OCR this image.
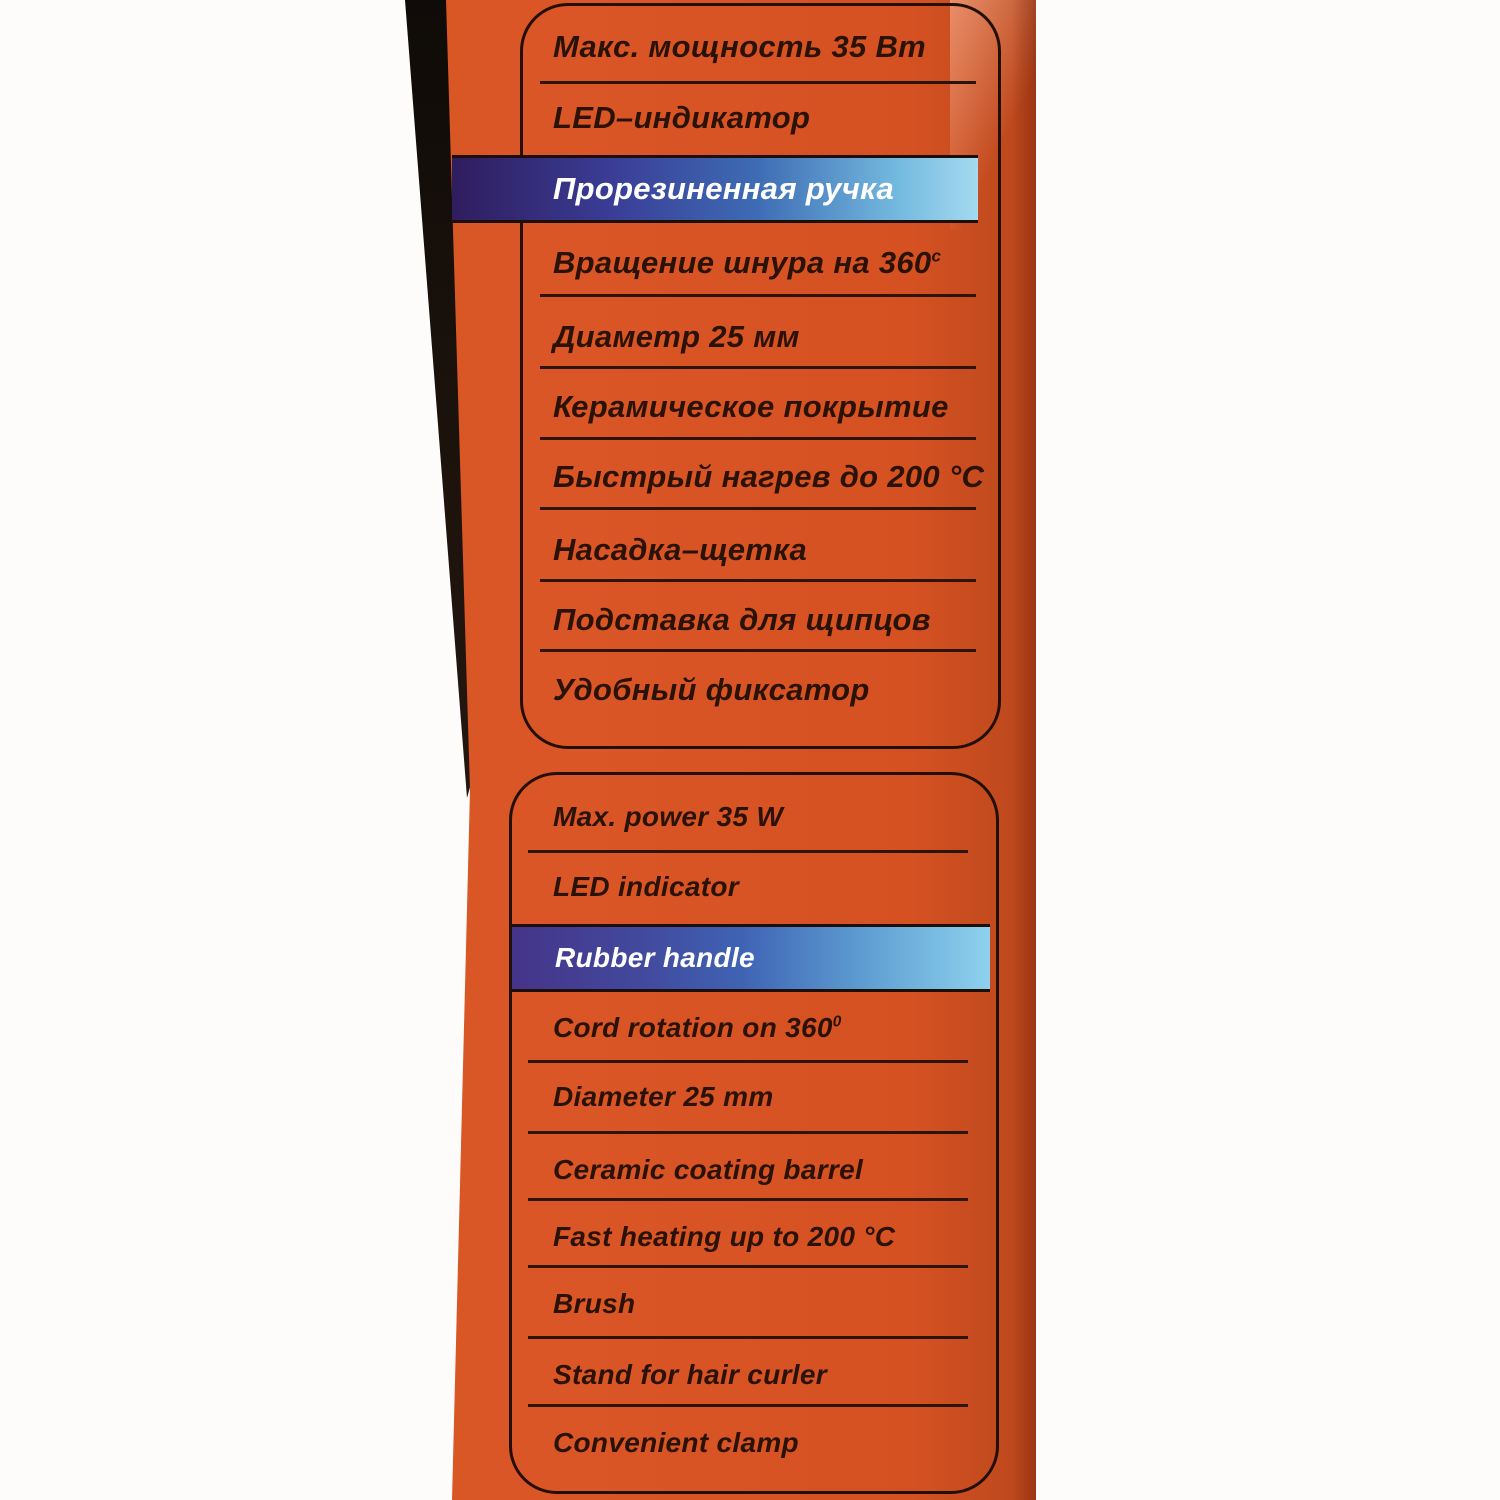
Макс. мощность 35 Вт
LED–индикатор
Прорезиненная ручка
Вращение шнура на $360^с$
Диаметр 25 мм
Керамическое покрытие
Быстрый нагрев до 200 °С
Насадка–щетка
Подставка для щипцов
Удобный фиксатор
Max. power 35 W
LED indicator
Rubber handle
Cord rotation on $360^0$
Diameter 25 mm
Ceramic coating barrel
Fast heating up to 200 °C
Brush
Stand for hair curler
Convenient clamp
